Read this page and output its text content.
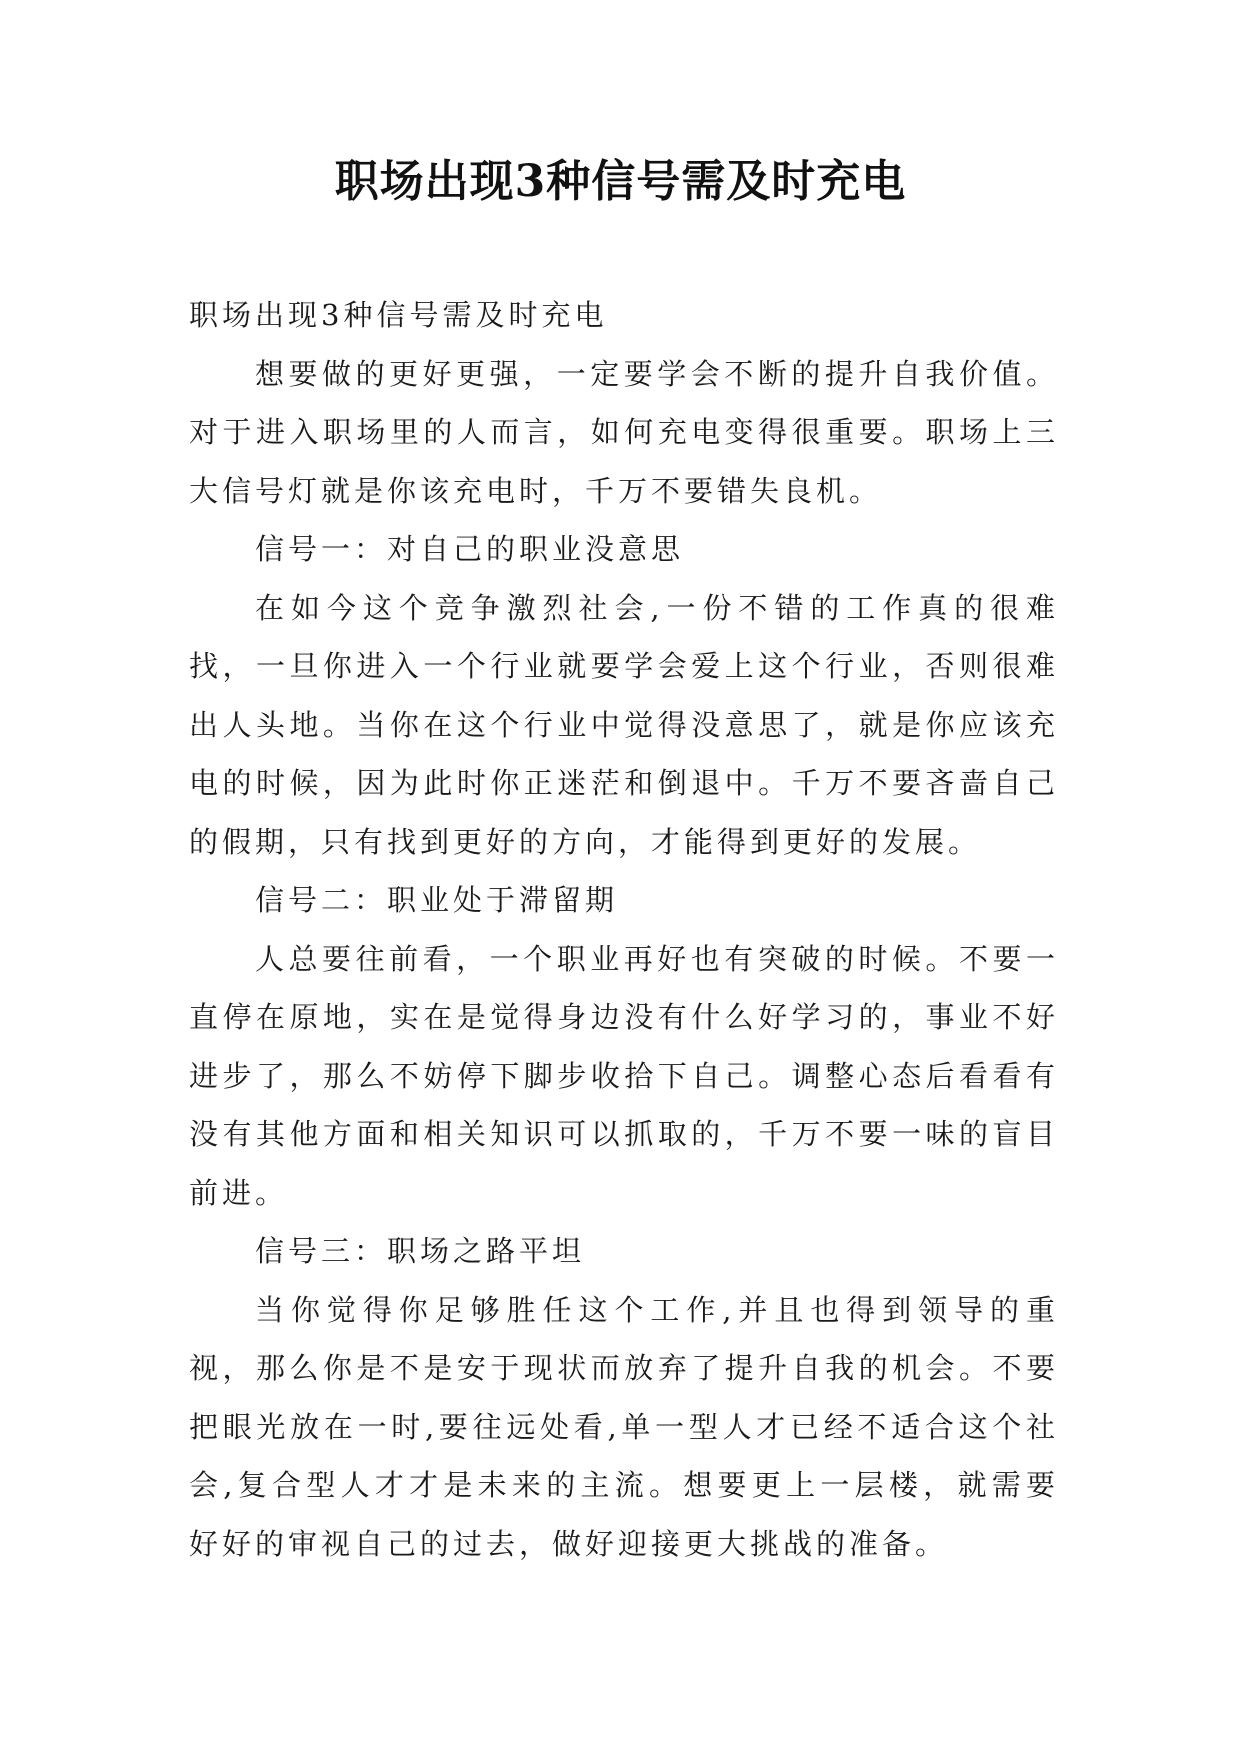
职场出现3种信号需及时充电

职场出现3种信号需及时充电

想要做的更好更强，一定要学会不断的提升自我价值。对于进入职场里的人而言，如何充电变得很重要。职场上三大信号灯就是你该充电时，千万不要错失良机。

信号一：对自己的职业没意思

在如今这个竞争激烈社会,一份不错的工作真的很难找，一旦你进入一个行业就要学会爱上这个行业，否则很难出人头地。当你在这个行业中觉得没意思了，就是你应该充电的时候，因为此时你正迷茫和倒退中。千万不要吝啬自己的假期，只有找到更好的方向，才能得到更好的发展。

信号二：职业处于滞留期

人总要往前看，一个职业再好也有突破的时候。不要一直停在原地，实在是觉得身边没有什么好学习的，事业不好进步了，那么不妨停下脚步收拾下自己。调整心态后看看有没有其他方面和相关知识可以抓取的，千万不要一味的盲目前进。

信号三：职场之路平坦

当你觉得你足够胜任这个工作,并且也得到领导的重视，那么你是不是安于现状而放弃了提升自我的机会。不要把眼光放在一时,要往远处看,单一型人才已经不适合这个社会,复合型人才才是未来的主流。想要更上一层楼，就需要好好的审视自己的过去，做好迎接更大挑战的准备。
